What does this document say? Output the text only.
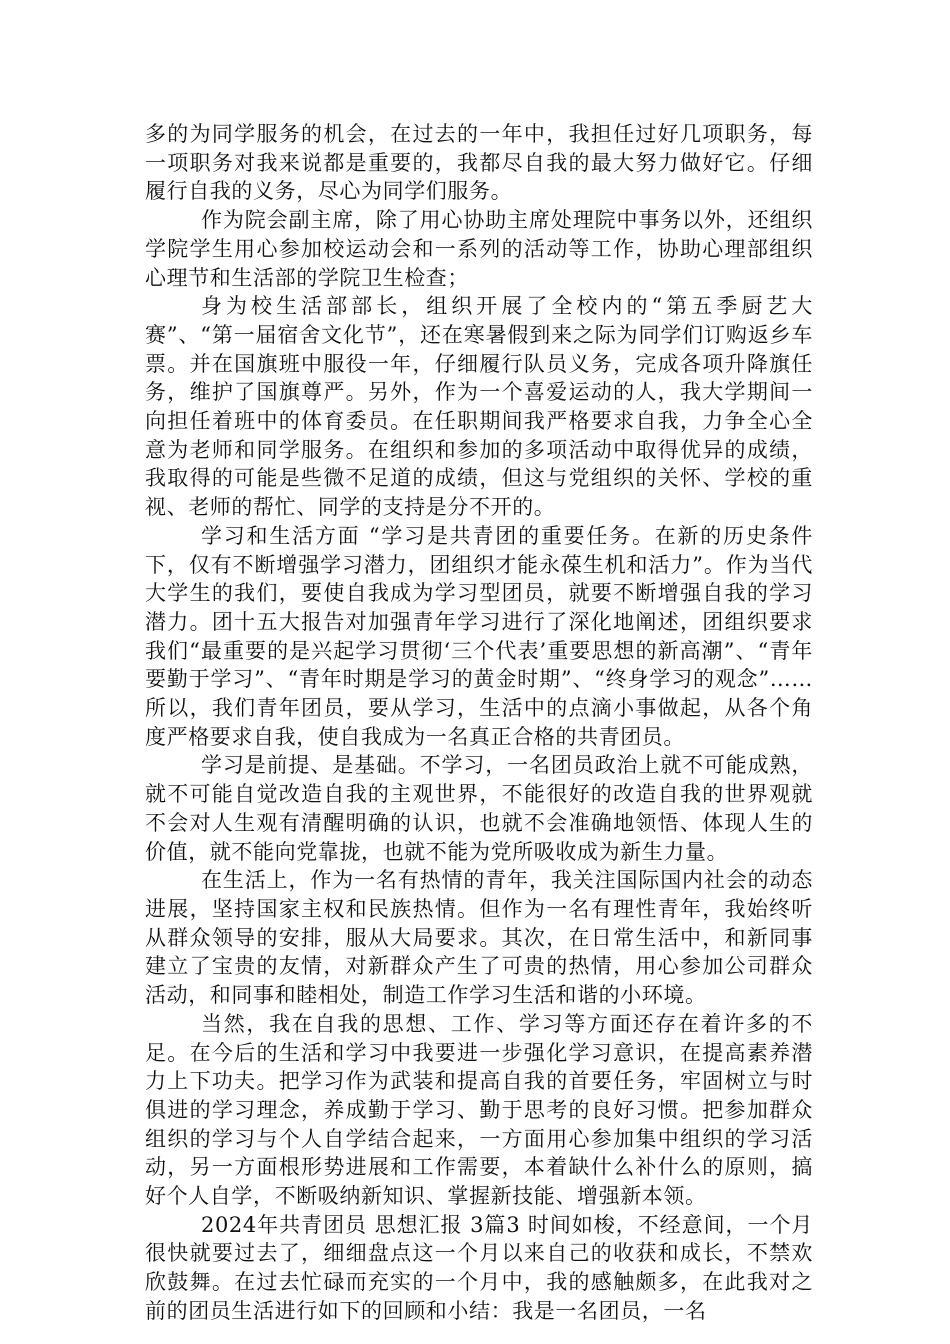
多的为同学服务的机会，在过去的一年中，我担任过好几项职务，每一项职务对我来说都是重要的，我都尽自我的最大努力做好它。仔细履行自我的义务，尽心为同学们服务。

作为院会副主席，除了用心协助主席处理院中事务以外，还组织学院学生用心参加校运动会和一系列的活动等工作，协助心理部组织心理节和生活部的学院卫生检查；

身为校生活部部长，组织开展了全校内的“第五季厨艺大赛”、“第一届宿舍文化节”，还在寒暑假到来之际为同学们订购返乡车票。并在国旗班中服役一年，仔细履行队员义务，完成各项升降旗任务，维护了国旗尊严。另外，作为一个喜爱运动的人，我大学期间一向担任着班中的体育委员。在任职期间我严格要求自我，力争全心全意为老师和同学服务。在组织和参加的多项活动中取得优异的成绩，我取得的可能是些微不足道的成绩，但这与党组织的关怀、学校的重视、老师的帮忙、同学的支持是分不开的。

学习和生活方面 “学习是共青团的重要任务。在新的历史条件下，仅有不断增强学习潜力，团组织才能永葆生机和活力”。作为当代大学生的我们，要使自我成为学习型团员，就要不断增强自我的学习潜力。团十五大报告对加强青年学习进行了深化地阐述，团组织要求我们“最重要的是兴起学习贯彻‘三个代表’重要思想的新高潮”、“青年要勤于学习”、“青年时期是学习的黄金时期”、“终身学习的观念”……所以，我们青年团员，要从学习，生活中的点滴小事做起，从各个角度严格要求自我，使自我成为一名真正合格的共青团员。

学习是前提、是基础。不学习，一名团员政治上就不可能成熟，就不可能自觉改造自我的主观世界，不能很好的改造自我的世界观就不会对人生观有清醒明确的认识，也就不会准确地领悟、体现人生的价值，就不能向党靠拢，也就不能为党所吸收成为新生力量。

在生活上，作为一名有热情的青年，我关注国际国内社会的动态进展，坚持国家主权和民族热情。但作为一名有理性青年，我始终听从群众领导的安排，服从大局要求。其次，在日常生活中，和新同事建立了宝贵的友情，对新群众产生了可贵的热情，用心参加公司群众活动，和同事和睦相处，制造工作学习生活和谐的小环境。

当然，我在自我的思想、工作、学习等方面还存在着许多的不足。在今后的生活和学习中我要进一步强化学习意识，在提高素养潜力上下功夫。把学习作为武装和提高自我的首要任务，牢固树立与时俱进的学习理念，养成勤于学习、勤于思考的良好习惯。把参加群众组织的学习与个人自学结合起来，一方面用心参加集中组织的学习活动，另一方面根形势进展和工作需要，本着缺什么补什么的原则，搞好个人自学，不断吸纳新知识、掌握新技能、增强新本领。

2024年共青团员 思想汇报 3篇3 时间如梭，不经意间，一个月很快就要过去了，细细盘点这一个月以来自己的收获和成长，不禁欢欣鼓舞。在过去忙碌而充实的一个月中，我的感触颇多，在此我对之前的团员生活进行如下的回顾和小结：我是一名团员，一名
